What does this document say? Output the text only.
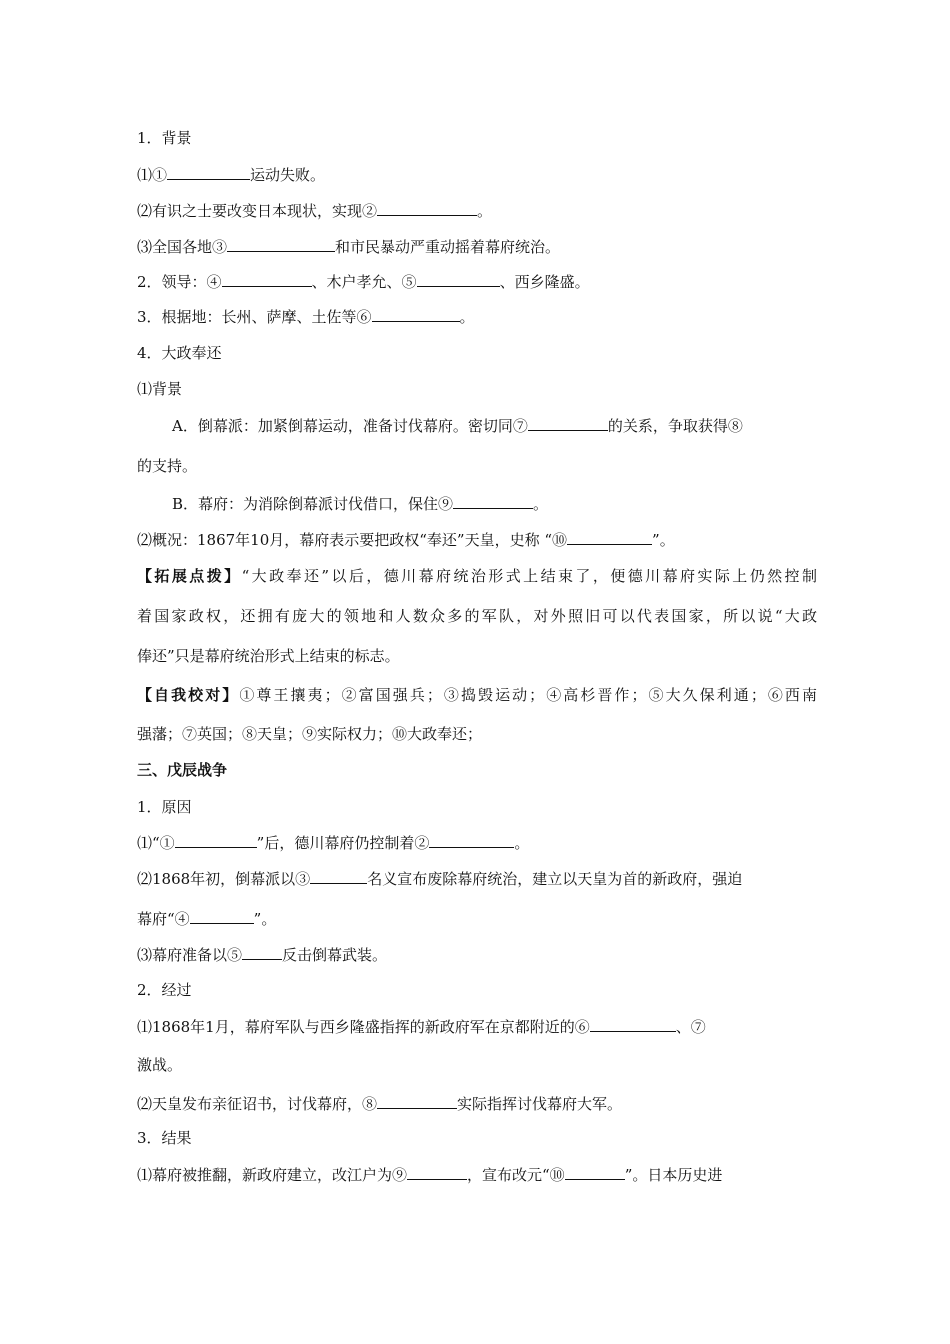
1．背景
⑴①	运动失败。
⑵有识之士要改变日本现状，实现②	。
⑶全国各地③	和市民暴动严重动摇着幕府统治。
2．领导：④	、木户孝允、⑤	、西乡隆盛。
3．根据地：长州、萨摩、土佐等⑥	。
4．大政奉还
⑴背景
A．倒幕派：加紧倒幕运动，准备讨伐幕府。密切同⑦	的关系，争取获得⑧
的支持。
B．幕府：为消除倒幕派讨伐借口，保住⑨	。
⑵概况：1867年10月，幕府表示要把政权“奉还”天皇，史称 “⑩	”。
【拓展点拨】“大政奉还”以后，德川幕府统治形式上结束了，便德川幕府实际上仍然控制
着国家政权，还拥有庞大的领地和人数众多的军队，对外照旧可以代表国家，所以说“大政
俸还”只是幕府统治形式上结束的标志。
【自我校对】①尊王攘夷；②富国强兵；③捣毁运动；④高杉晋作；⑤大久保利通；⑥西南
强藩；⑦英国；⑧天皇；⑨实际权力；⑩大政奉还；
三、戊辰战争
1．原因
⑴“①	”后，德川幕府仍控制着②	。
⑵1868年初，倒幕派以③	名义宣布废除幕府统治，建立以天皇为首的新政府，强迫
幕府“④	”。
⑶幕府准备以⑤	反击倒幕武装。
2．经过
⑴1868年1月，幕府军队与西乡隆盛指挥的新政府军在京都附近的⑥	、⑦
激战。
⑵天皇发布亲征诏书，讨伐幕府，⑧	实际指挥讨伐幕府大军。
3．结果
⑴幕府被推翻，新政府建立，改江户为⑨	，宣布改元“⑩	”。日本历史进
